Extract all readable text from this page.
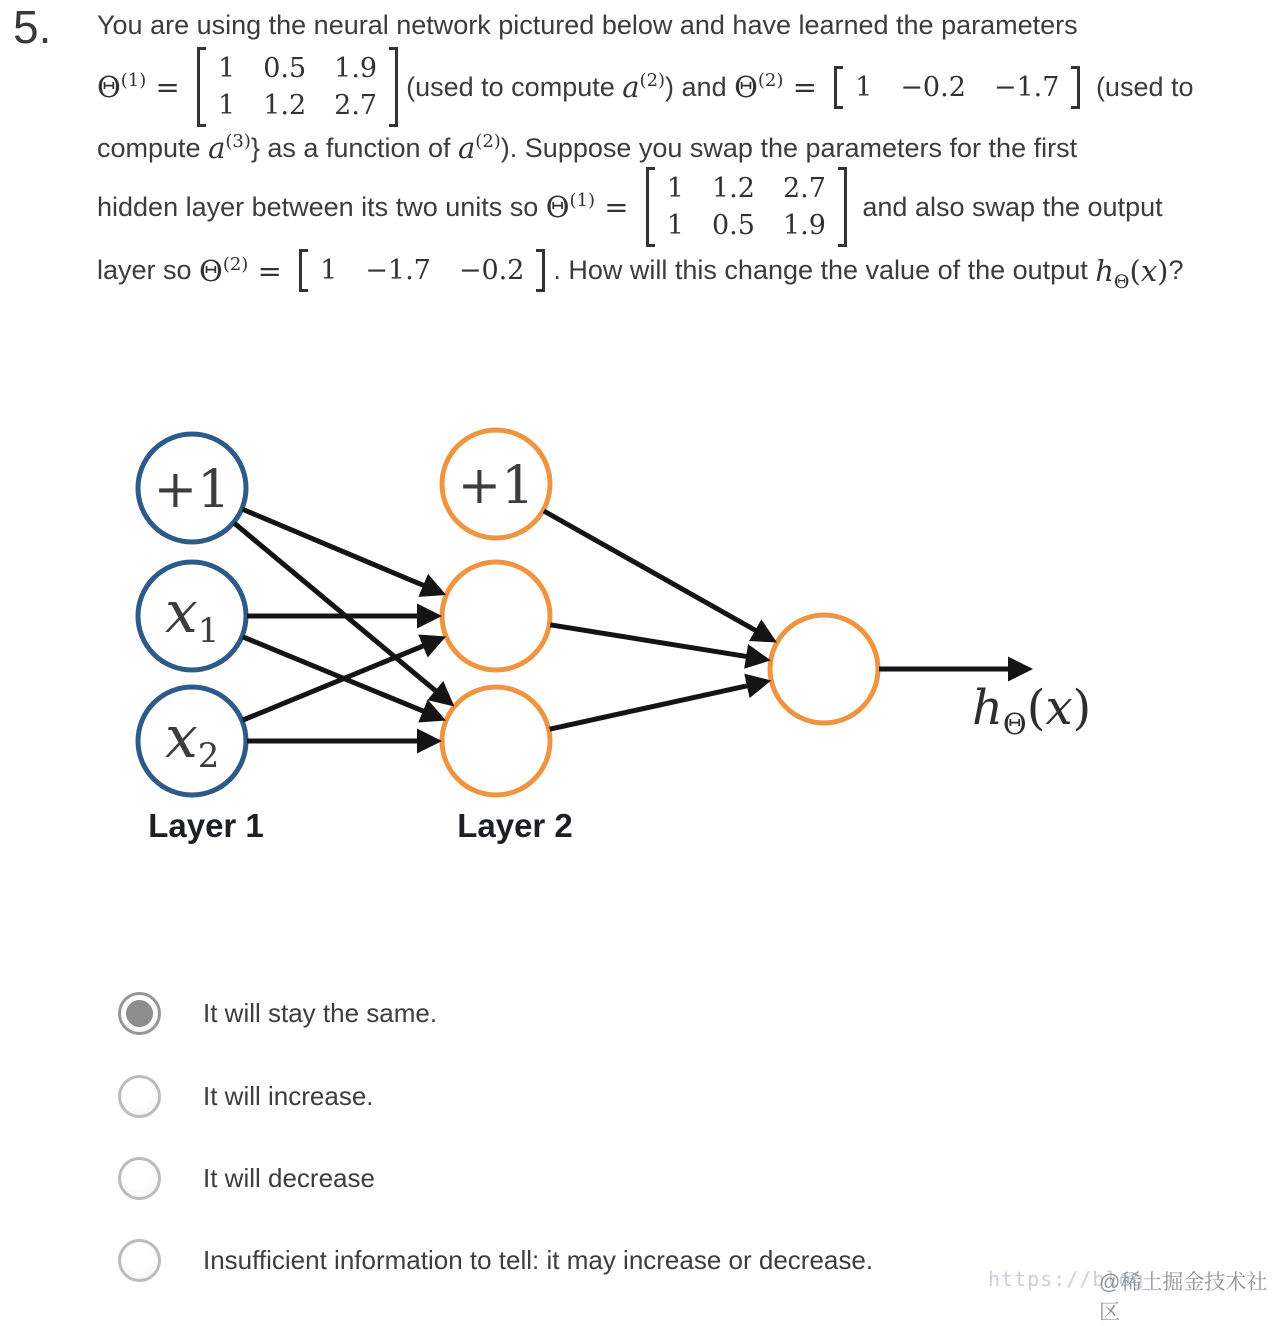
5. You are using the neural network pictured below and have learned the parameters
$\Theta^{(1)}$ =
1 0.5 1.9
1 1.2 2.7
(used to compute $a^{(2)}$ ) and $\Theta^{(2)} = 1 -0.2 -1.7$ (used to
compute $a^{(3)}$ } as a function of $a^{(2)}$ ). Suppose you swap the parameters for the first
hidden layer between its two units so $\Theta^{(1)}$ =
1 1.2 2.7
1 0.5 1.9
and also swap the output
layer so $\Theta^{(2)} = 1 -1.7 -0.2$ . How will this change the value of the output $h_\Theta(x)$ ?
+1	+1
x1
x2
Layer 1	Layer 2
$h_\Theta(x)$
It will stay the same.
It will increase.
It will decrease
Insufficient information to tell: it may increase or decrease.
https://blog
@稀土掘金技术社区
